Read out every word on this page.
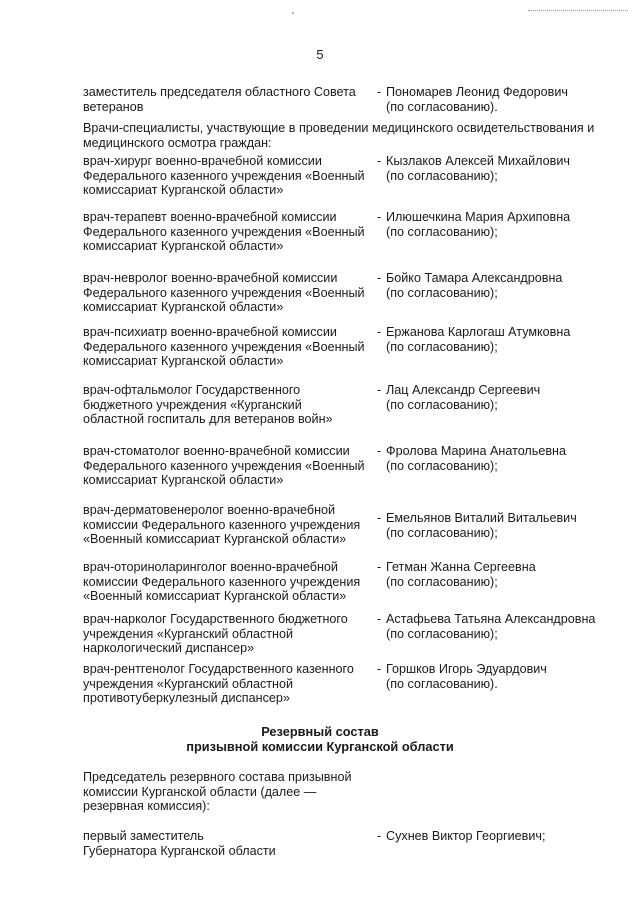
5
заместитель председателя областного Совета
ветеранов
- Пономарев Леонид Федорович
(по согласованию).
Врачи-специалисты, участвующие в проведении медицинского освидетельствования и
медицинского осмотра граждан:
врач-хирург военно-врачебной комиссии
Федерального казенного учреждения «Военный
комиссариат Курганской области»
- Кызлаков Алексей Михайлович
(по согласованию);
врач-терапевт военно-врачебной комиссии
Федерального казенного учреждения «Военный
комиссариат Курганской области»
- Илюшечкина Мария Архиповна
(по согласованию);
врач-невролог военно-врачебной комиссии
Федерального казенного учреждения «Военный
комиссариат Курганской области»
- Бойко Тамара Александровна
(по согласованию);
врач-психиатр военно-врачебной комиссии
Федерального казенного учреждения «Военный
комиссариат Курганской области»
- Ержанова Карлогаш Атумковна
(по согласованию);
врач-офтальмолог Государственного
бюджетного учреждения «Курганский
областной госпиталь для ветеранов войн»
- Лац Александр Сергеевич
(по согласованию);
врач-стоматолог военно-врачебной комиссии
Федерального казенного учреждения «Военный
комиссариат Курганской области»
- Фролова Марина Анатольевна
(по согласованию);
врач-дерматовенеролог военно-врачебной
комиссии Федерального казенного учреждения
«Военный комиссариат Курганской области»
- Емельянов Виталий Витальевич
(по согласованию);
врач-оториноларинголог военно-врачебной
комиссии Федерального казенного учреждения
«Военный комиссариат Курганской области»
- Гетман Жанна Сергеевна
(по согласованию);
врач-нарколог Государственного бюджетного
учреждения «Курганский областной
наркологический диспансер»
- Астафьева Татьяна Александровна
(по согласованию);
врач-рентгенолог Государственного казенного
учреждения «Курганский областной
противотуберкулезный диспансер»
- Горшков Игорь Эдуардович
(по согласованию).
Резервный состав
призывной комиссии Курганской области
Председатель резервного состава призывной
комиссии Курганской области (далее —
резервная комиссия):
первый заместитель
Губернатора Курганской области
- Сухнев Виктор Георгиевич;
